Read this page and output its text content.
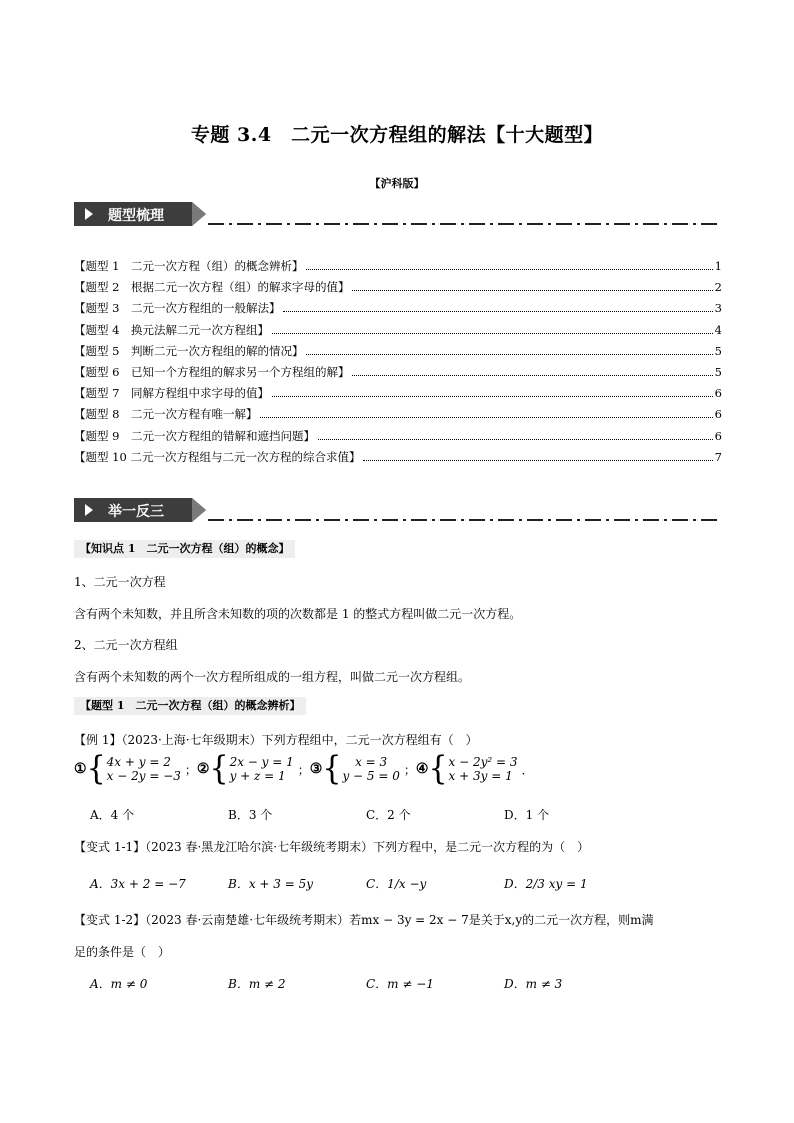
专题 3.4　二元一次方程组的解法【十大题型】
【沪科版】
题型梳理
【题型 1　二元一次方程（组）的概念辨析】	1
【题型 2　根据二元一次方程（组）的解求字母的值】	2
【题型 3　二元一次方程组的一般解法】	3
【题型 4　换元法解二元一次方程组】	4
【题型 5　判断二元一次方程组的解的情况】	5
【题型 6　已知一个方程组的解求另一个方程组的解】	5
【题型 7　同解方程组中求字母的值】	6
【题型 8　二元一次方程有唯一解】	6
【题型 9　二元一次方程组的错解和遮挡问题】	6
【题型 10 二元一次方程组与二元一次方程的综合求值】	7
举一反三
【知识点 1　二元一次方程（组）的概念】
1、二元一次方程
含有两个未知数，并且所含未知数的项的次数都是 1 的整式方程叫做二元一次方程。
2、二元一次方程组
含有两个未知数的两个一次方程所组成的一组方程，叫做二元一次方程组。
【题型 1　二元一次方程（组）的概念辨析】
【例 1】（2023·上海·七年级期末）下列方程组中，二元一次方程组有（　）
① { 4x + y = 2
x − 2y = −3 ； ② { 2x − y = 1
y + z = 1	； ③ {	x = 3
y − 5 = 0 ； ④ { x − 2y² = 3
x + 3y = 1 ．
A．4 个	B．3 个	C．2 个	D．1 个
【变式 1-1】（2023 春·黑龙江哈尔滨·七年级统考期末）下列方程中，是二元一次方程的为（　）
A．3x + 2 = −7	B．x + 3 = 5y	C．1/x −y	D．2/3 xy = 1
【变式 1-2】（2023 春·云南楚雄·七年级统考期末）若mx − 3y = 2x − 7是关于x,y的二元一次方程，则m满
足的条件是（　）
A．m ≠ 0	B．m ≠ 2	C．m ≠ −1	D．m ≠ 3
